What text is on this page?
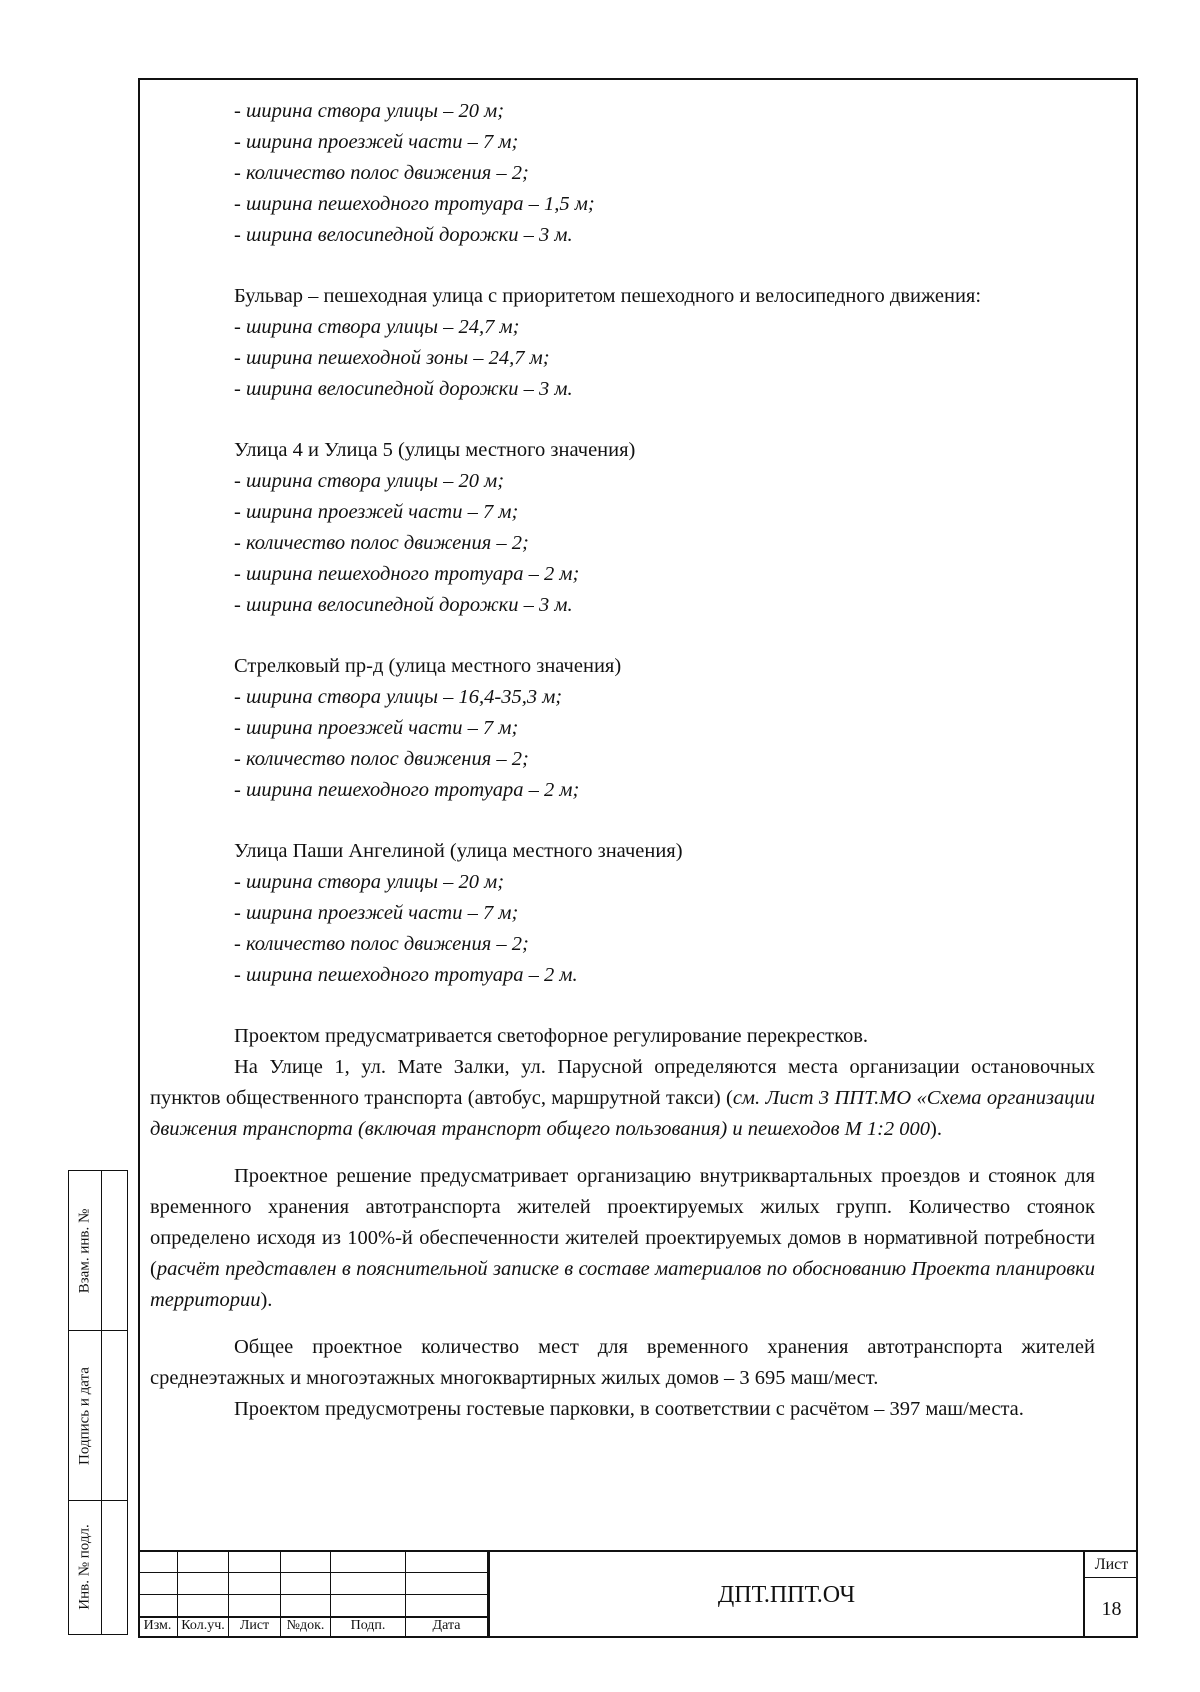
- ширина створа улицы – 20 м;
- ширина проезжей части – 7 м;
- количество полос движения – 2;
- ширина пешеходного тротуара – 1,5 м;
- ширина велосипедной дорожки – 3 м.
Бульвар – пешеходная улица с приоритетом пешеходного и велосипедного движения:
- ширина створа улицы – 24,7 м;
- ширина пешеходной зоны – 24,7 м;
- ширина велосипедной дорожки – 3 м.
Улица 4 и Улица 5 (улицы местного значения)
- ширина створа улицы – 20 м;
- ширина проезжей части – 7 м;
- количество полос движения – 2;
- ширина пешеходного тротуара – 2 м;
- ширина велосипедной дорожки – 3 м.
Стрелковый пр-д (улица местного значения)
- ширина створа улицы – 16,4-35,3 м;
- ширина проезжей части – 7 м;
- количество полос движения – 2;
- ширина пешеходного тротуара – 2 м;
Улица Паши Ангелиной (улица местного значения)
- ширина створа улицы – 20 м;
- ширина проезжей части – 7 м;
- количество полос движения – 2;
- ширина пешеходного тротуара – 2 м.

Проектом предусматривается светофорное регулирование перекрестков.

На Улице 1, ул. Мате Залки, ул. Парусной определяются места организации остановочных пунктов общественного транспорта (автобус, маршрутной такси) (см. Лист 3 ППТ.МО «Схема организации движения транспорта (включая транспорт общего пользования) и пешеходов М 1:2 000).

Проектное решение предусматривает организацию внутриквартальных проездов и стоянок для временного хранения автотранспорта жителей проектируемых жилых групп. Количество стоянок определено исходя из 100%-й обеспеченности жителей проектируемых домов в нормативной потребности (расчёт представлен в пояснительной записке в составе материалов по обоснованию Проекта планировки территории).

Общее проектное количество мест для временного хранения автотранспорта жителей среднеэтажных и многоэтажных многоквартирных жилых домов – 3 695 маш/мест.

Проектом предусмотрены гостевые парковки, в соответствии с расчётом – 397 маш/места.

Взам. инв. №
Подпись и дата
Инв. № подл.
Изм. Кол.уч.	Лист	№док.	Подп.	Дата
ДПТ.ППТ.ОЧ
Лист
18
